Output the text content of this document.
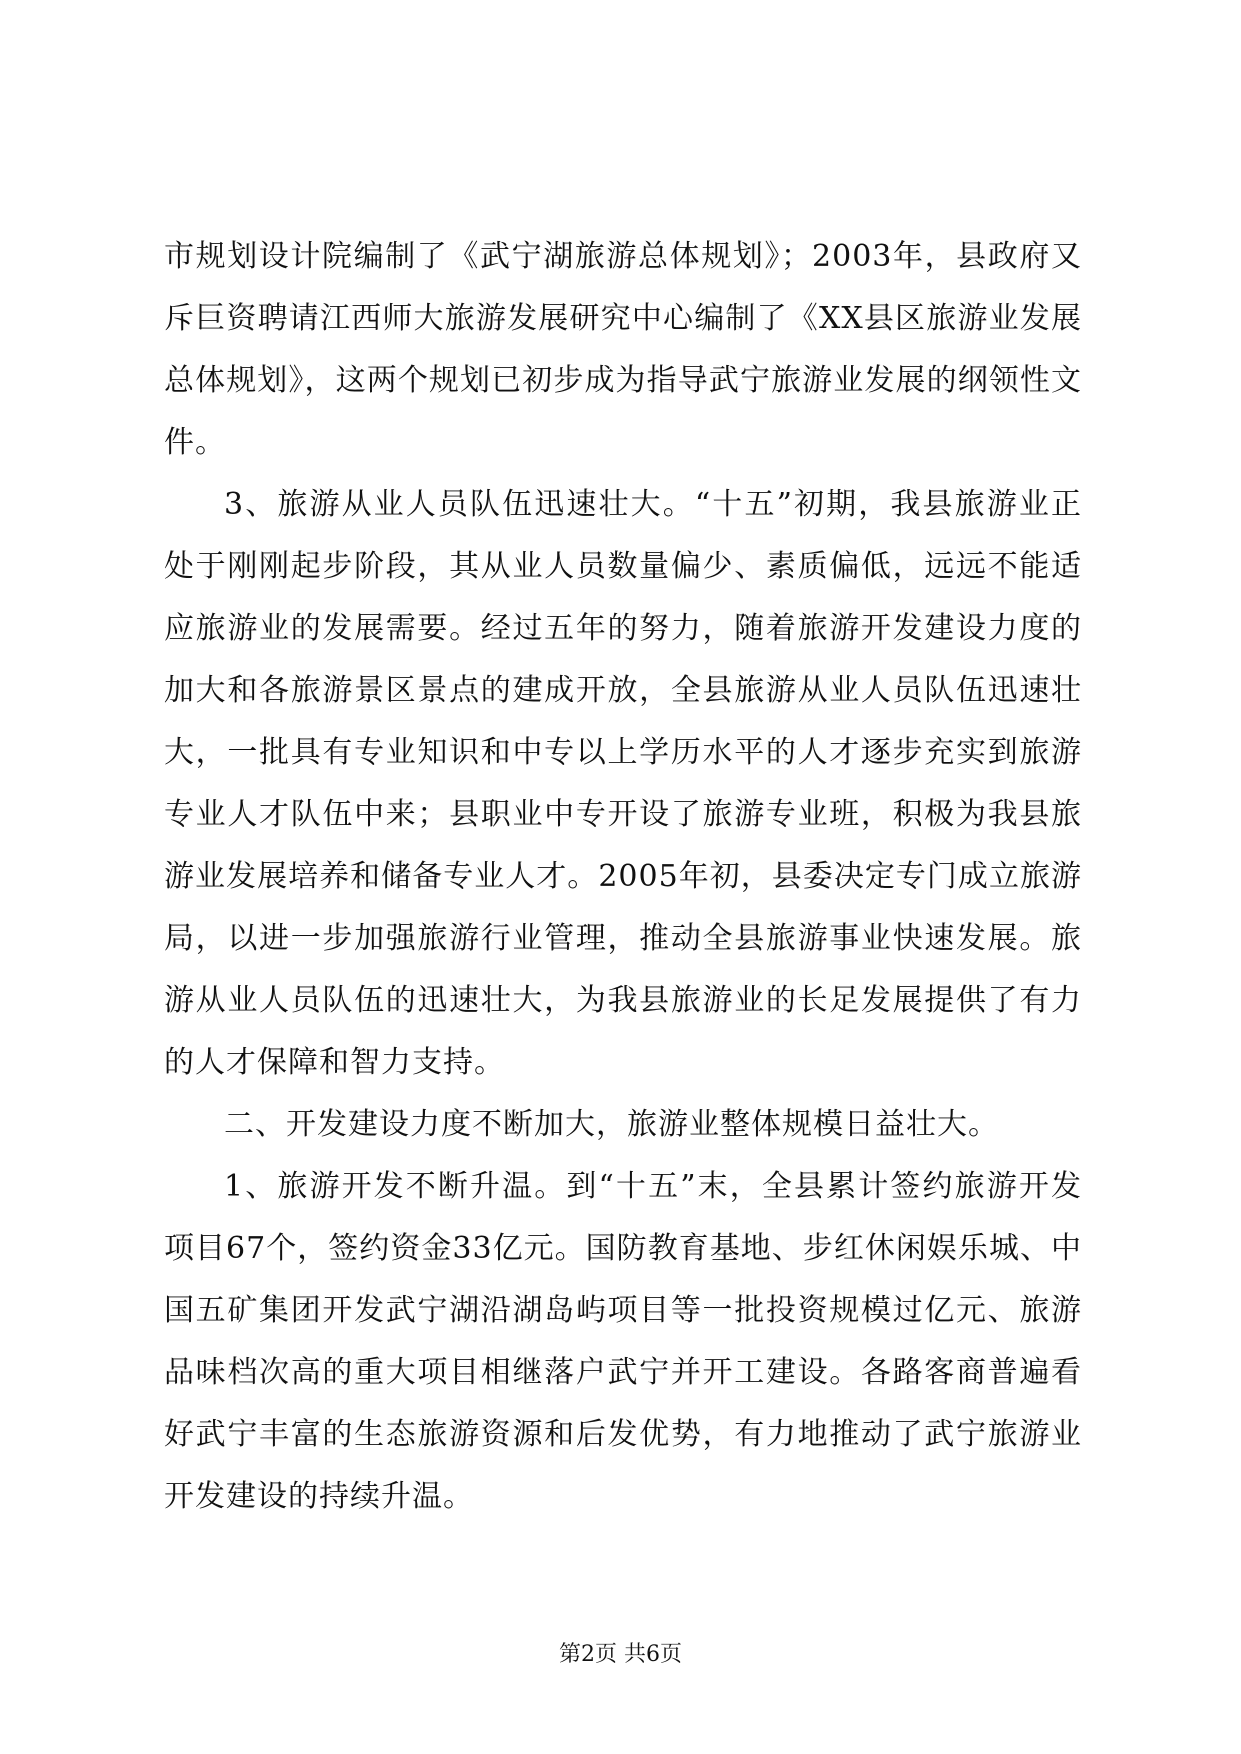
市规划设计院编制了《武宁湖旅游总体规划》；2003年，县政府又斥巨资聘请江西师大旅游发展研究中心编制了《XX县区旅游业发展总体规划》，这两个规划已初步成为指导武宁旅游业发展的纲领性文件。

3、旅游从业人员队伍迅速壮大。“十五”初期，我县旅游业正处于刚刚起步阶段，其从业人员数量偏少、素质偏低，远远不能适应旅游业的发展需要。经过五年的努力，随着旅游开发建设力度的加大和各旅游景区景点的建成开放，全县旅游从业人员队伍迅速壮大，一批具有专业知识和中专以上学历水平的人才逐步充实到旅游专业人才队伍中来；县职业中专开设了旅游专业班，积极为我县旅游业发展培养和储备专业人才。2005年初，县委决定专门成立旅游局，以进一步加强旅游行业管理，推动全县旅游事业快速发展。旅游从业人员队伍的迅速壮大，为我县旅游业的长足发展提供了有力的人才保障和智力支持。

二、开发建设力度不断加大，旅游业整体规模日益壮大。

1、旅游开发不断升温。到“十五”末，全县累计签约旅游开发项目67个，签约资金33亿元。国防教育基地、步红休闲娱乐城、中国五矿集团开发武宁湖沿湖岛屿项目等一批投资规模过亿元、旅游品味档次高的重大项目相继落户武宁并开工建设。各路客商普遍看好武宁丰富的生态旅游资源和后发优势，有力地推动了武宁旅游业开发建设的持续升温。

第2页 共6页
